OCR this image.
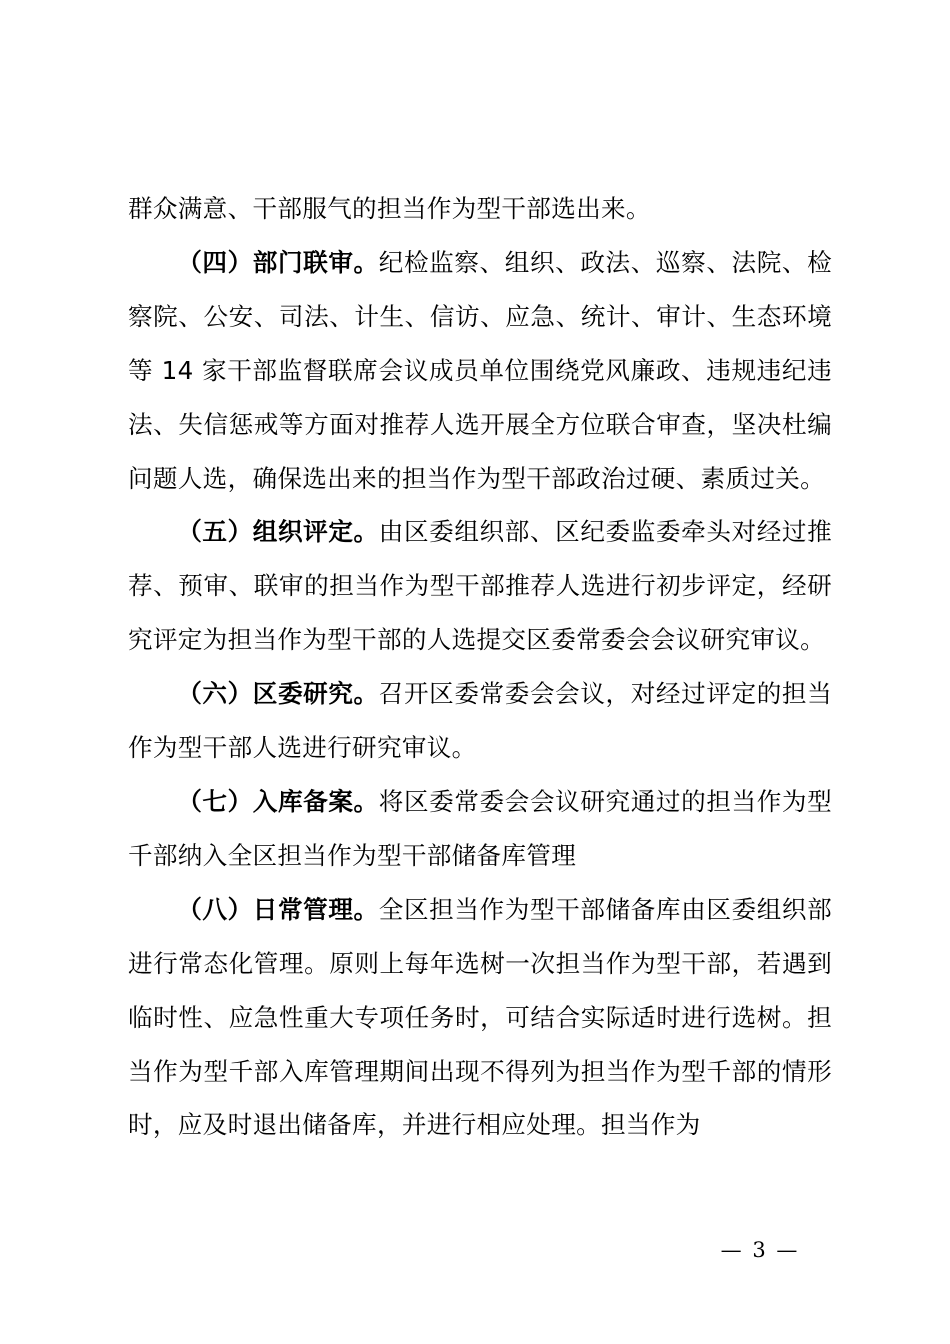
群众满意、干部服气的担当作为型干部选出来。

（四）部门联审。纪检监察、组织、政法、巡察、法院、检察院、公安、司法、计生、信访、应急、统计、审计、生态环境等 14 家干部监督联席会议成员单位围绕党风廉政、违规违纪违法、失信惩戒等方面对推荐人选开展全方位联合审查，坚决杜编问题人选，确保选出来的担当作为型干部政治过硬、素质过关。

（五）组织评定。由区委组织部、区纪委监委牵头对经过推荐、预审、联审的担当作为型干部推荐人选进行初步评定，经研究评定为担当作为型干部的人选提交区委常委会会议研究审议。

（六）区委研究。召开区委常委会会议，对经过评定的担当作为型干部人选进行研究审议。

（七）入库备案。将区委常委会会议研究通过的担当作为型千部纳入全区担当作为型干部储备库管理

（八）日常管理。全区担当作为型干部储备库由区委组织部进行常态化管理。原则上每年选树一次担当作为型干部，若遇到临时性、应急性重大专项任务时，可结合实际适时进行选树。担当作为型千部入库管理期间出现不得列为担当作为型千部的情形时，应及时退出储备库，并进行相应处理。担当作为

— 3 —
